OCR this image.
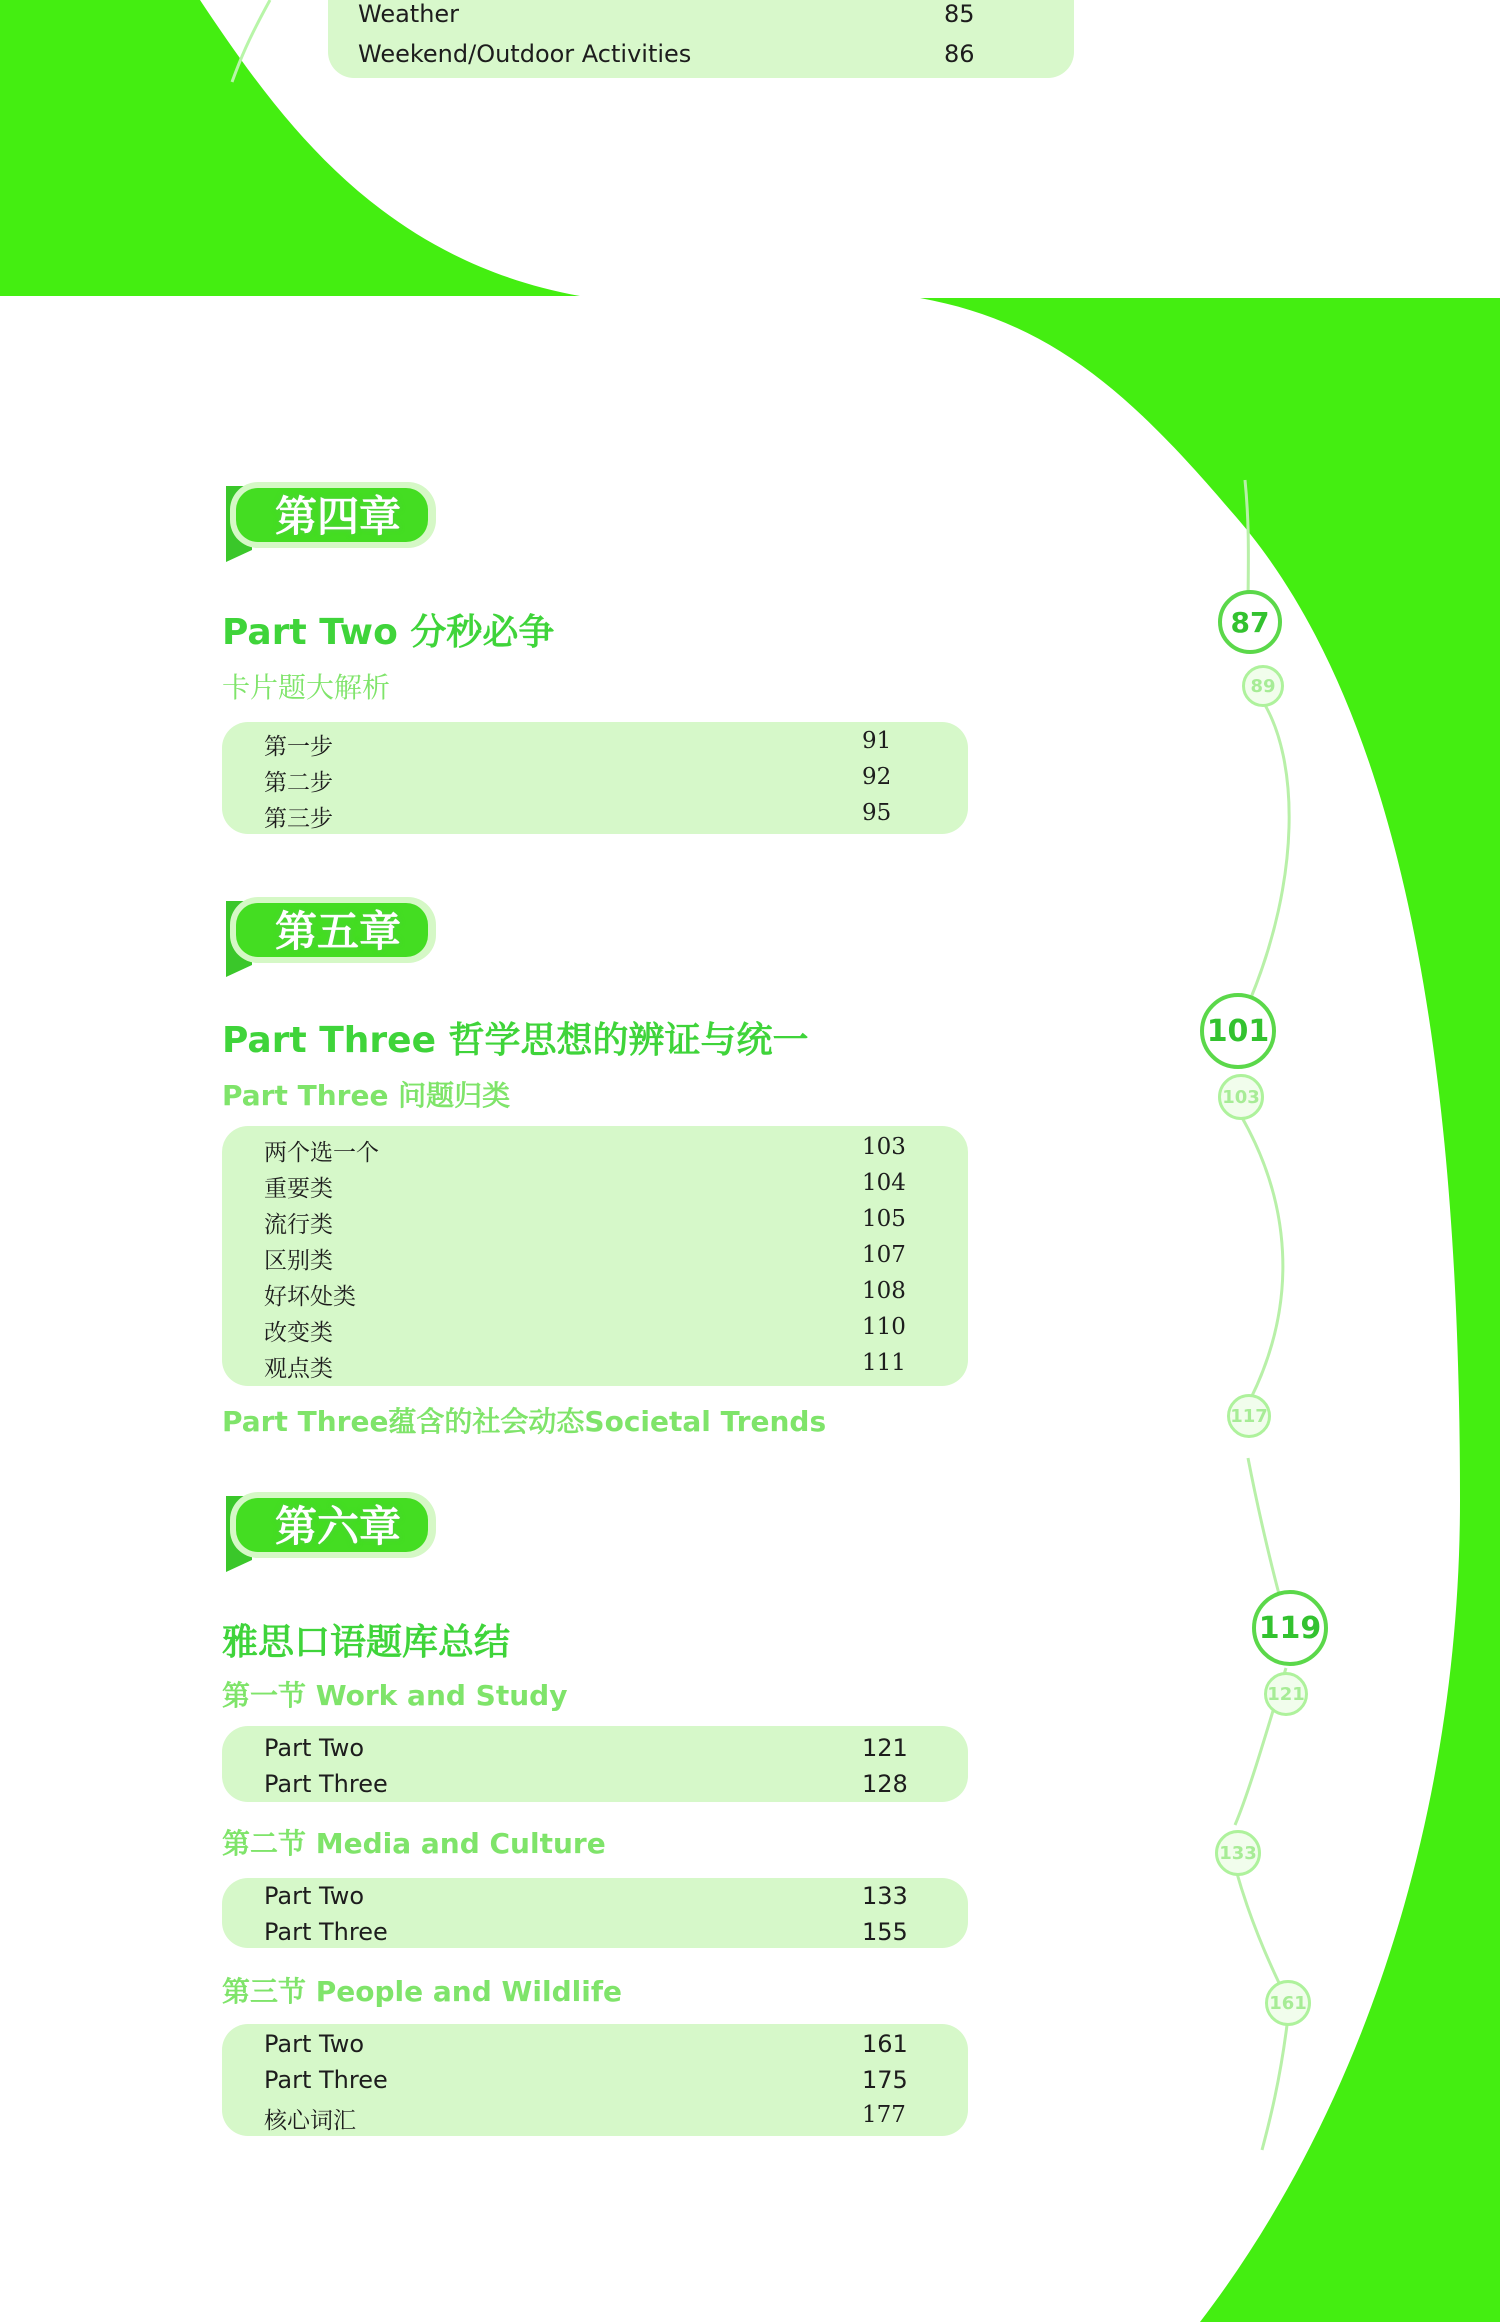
Weather	85
Weekend/Outdoor Activities	86
第四章
Part Two 分秒必争
卡片题大解析
第一步	91
第二步	92
第三步	95
第五章
Part Three 哲学思想的辨证与统一
Part Three 问题归类
两个选一个	103
重要类	104
流行类	105
区别类	107
好坏处类	108
改变类	110
观点类	111
Part Three蕴含的社会动态Societal Trends
第六章
雅思口语题库总结
第一节 Work and Study
Part Two	121
Part Three	128
第二节 Media and Culture
Part Two	133
Part Three	155
第三节 People and Wildlife
Part Two	161
Part Three	175
核心词汇	177
87
89
101
103
117
119
121
133
161
